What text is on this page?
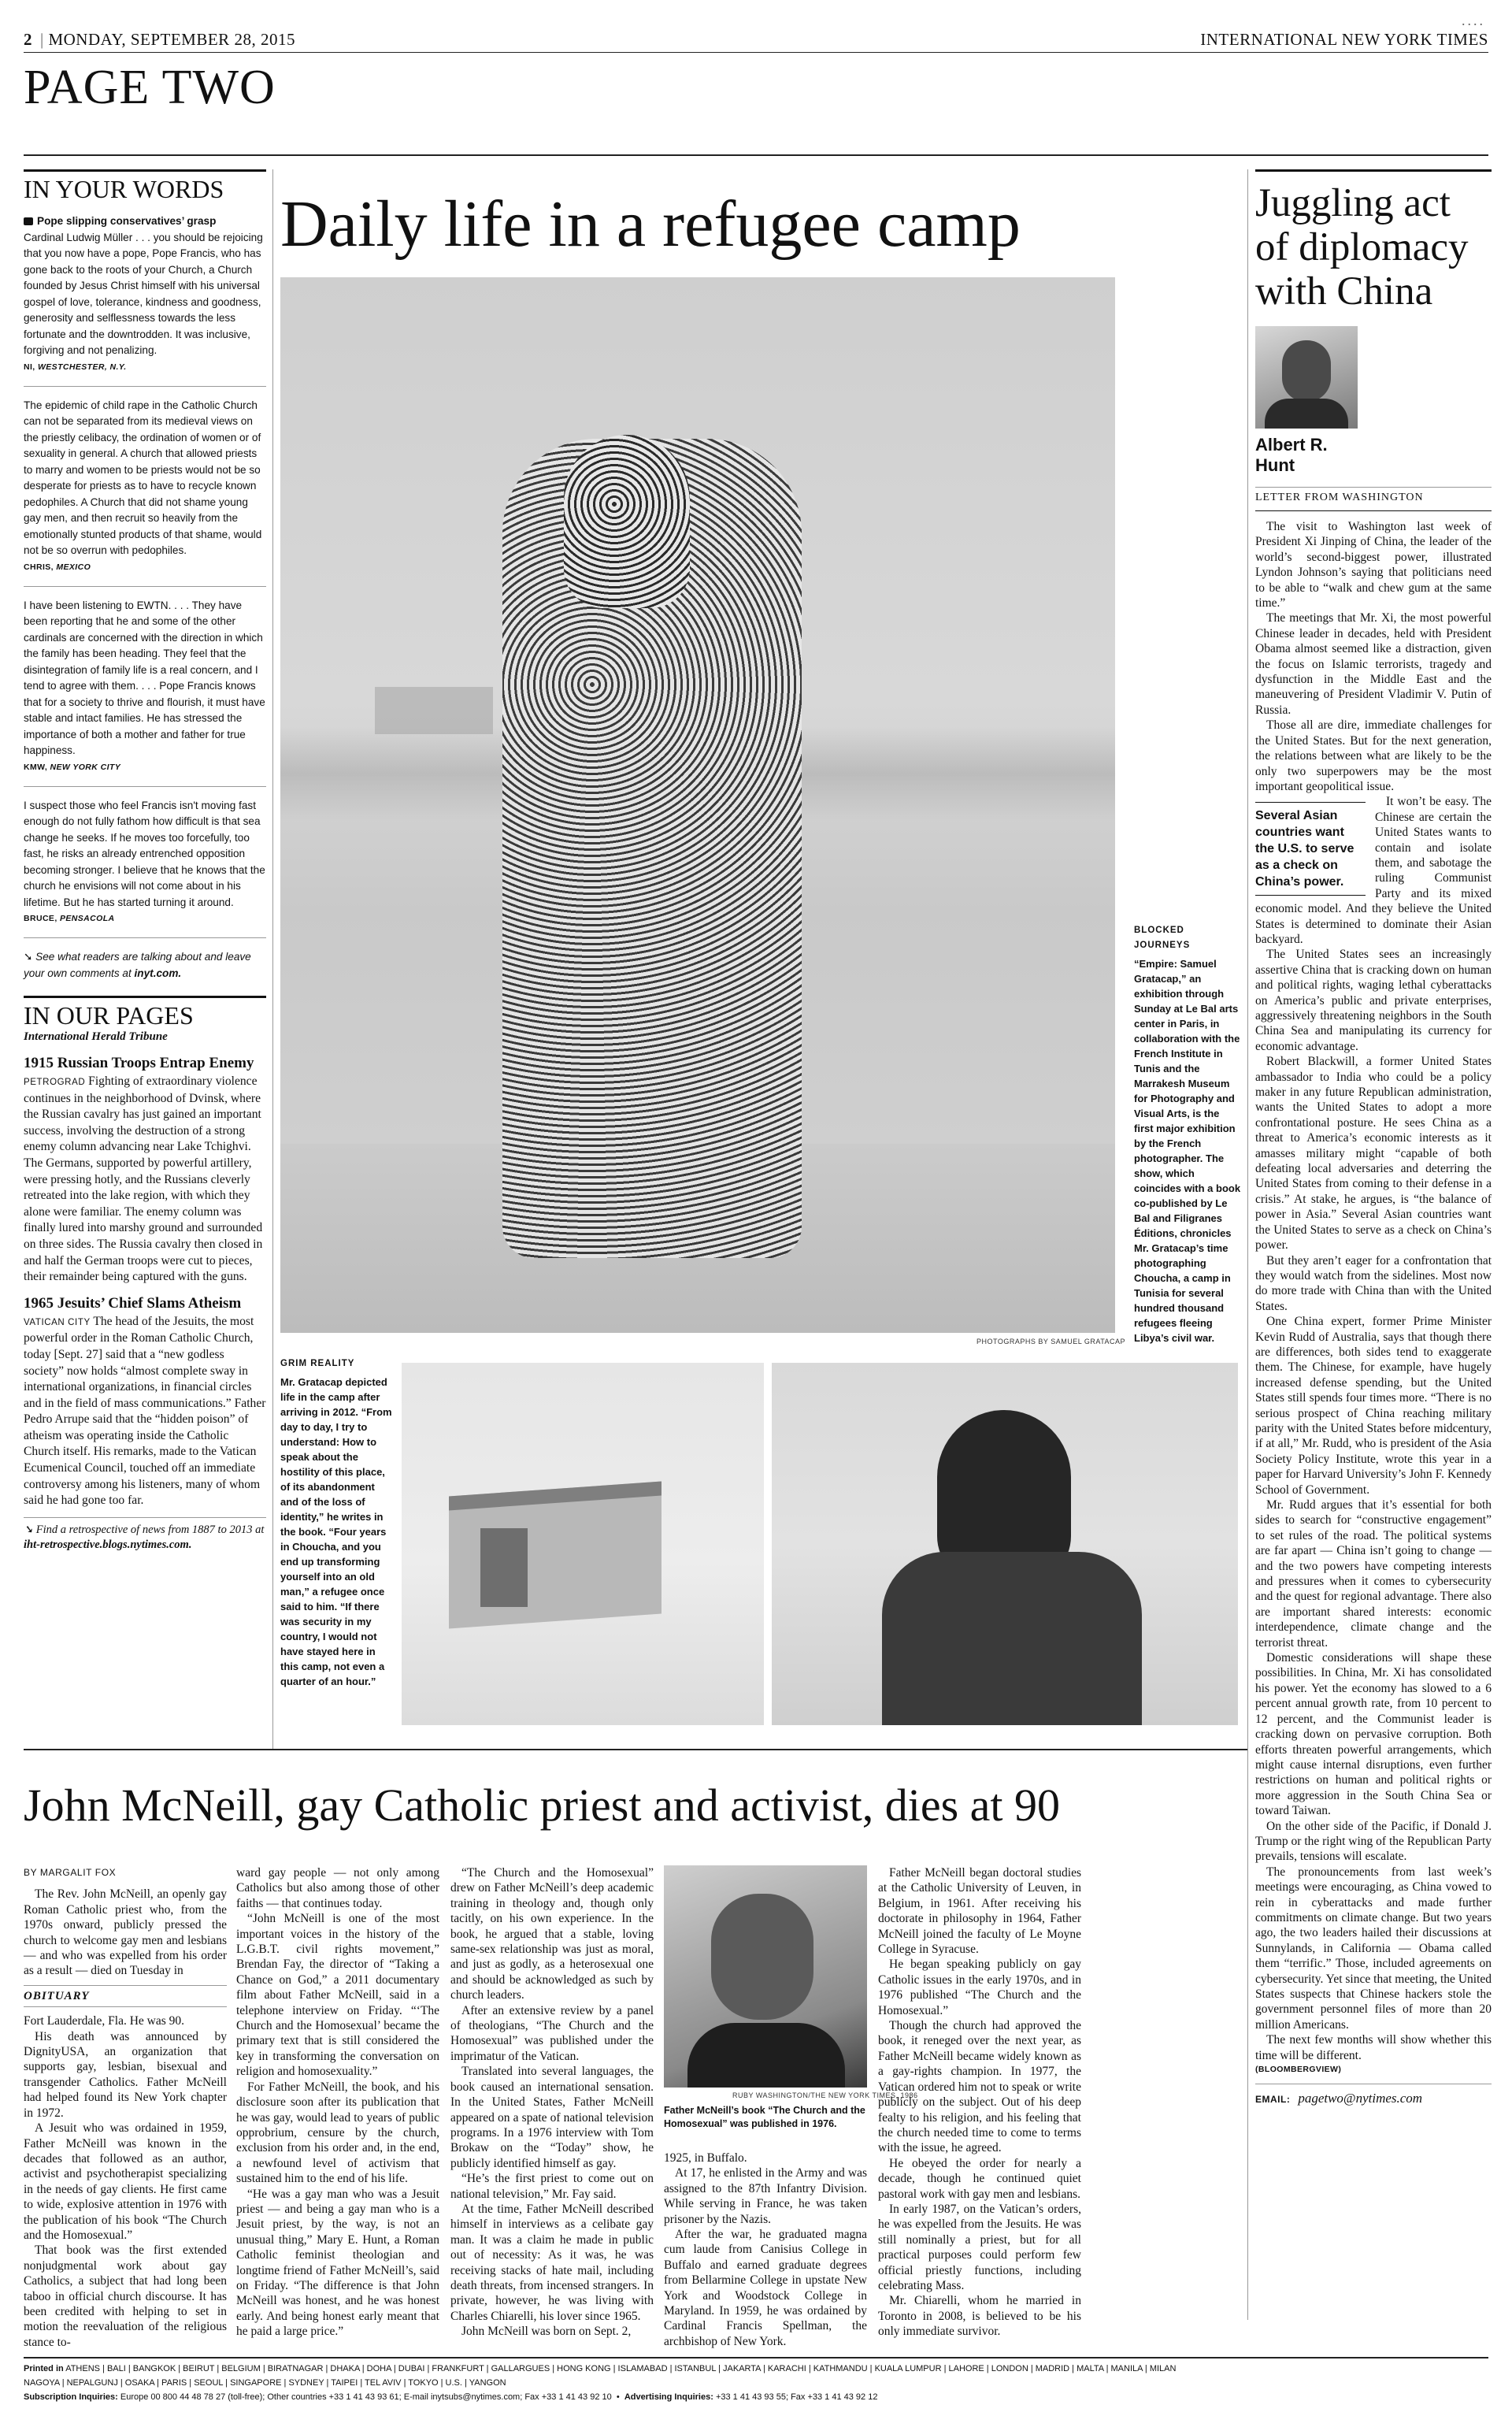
2 | MONDAY, SEPTEMBER 28, 2015
....
INTERNATIONAL NEW YORK TIMES
PAGE TWO
IN YOUR WORDS
Pope slipping conservatives’ grasp
Cardinal Ludwig Müller . . . you should be rejoicing that you now have a pope, Pope Francis, who has gone back to the roots of your Church, a Church founded by Jesus Christ himself with his universal gospel of love, tolerance, kindness and goodness, generosity and selflessness towards the less fortunate and the downtrodden. It was inclusive, forgiving and not penalizing.
NI, WESTCHESTER, N.Y.
The epidemic of child rape in the Catholic Church can not be separated from its medieval views on the priestly celibacy, the ordination of women or of sexuality in general. A church that allowed priests to marry and women to be priests would not be so desperate for priests as to have to recycle known pedophiles. A Church that did not shame young gay men, and then recruit so heavily from the emotionally stunted products of that shame, would not be so overrun with pedophiles.
CHRIS, MEXICO
I have been listening to EWTN. . . . They have been reporting that he and some of the other cardinals are concerned with the direction in which the family has been heading. They feel that the disintegration of family life is a real concern, and I tend to agree with them. . . . Pope Francis knows that for a society to thrive and flourish, it must have stable and intact families. He has stressed the importance of both a mother and father for true happiness.
KMW, NEW YORK CITY
I suspect those who feel Francis isn't moving fast enough do not fully fathom how difficult is that sea change he seeks. If he moves too forcefully, too fast, he risks an already entrenched opposition becoming stronger. I believe that he knows that the church he envisions will not come about in his lifetime. But he has started turning it around.
BRUCE, PENSACOLA
➘ See what readers are talking about and leave your own comments at inyt.com.
IN OUR PAGES
International Herald Tribune
1915 Russian Troops Entrap Enemy
PETROGRAD Fighting of extraordinary violence continues in the neighborhood of Dvinsk, where the Russian cavalry has just gained an important success, involving the destruction of a strong enemy column advancing near Lake Tchighvi. The Germans, supported by powerful artillery, were pressing hotly, and the Russians cleverly retreated into the lake region, with which they alone were familiar. The enemy column was finally lured into marshy ground and surrounded on three sides. The Russia cavalry then closed in and half the German troops were cut to pieces, their remainder being captured with the guns.
1965 Jesuits’ Chief Slams Atheism
VATICAN CITY The head of the Jesuits, the most powerful order in the Roman Catholic Church, today [Sept. 27] said that a “new godless society” now holds “almost complete sway in international organizations, in financial circles and in the field of mass communications.” Father Pedro Arrupe said that the “hidden poison” of atheism was operating inside the Catholic Church itself. His remarks, made to the Vatican Ecumenical Council, touched off an immediate controversy among his listeners, many of whom said he had gone too far.
➘ Find a retrospective of news from 1887 to 2013 at iht-retrospective.blogs.nytimes.com.
Daily life in a refugee camp
PHOTOGRAPHS BY SAMUEL GRATACAP
BLOCKED JOURNEYS
“Empire: Samuel Gratacap,” an exhibition through Sunday at Le Bal arts center in Paris, in collaboration with the French Institute in Tunis and the Marrakesh Museum for Photography and Visual Arts, is the first major exhibition by the French photographer. The show, which coincides with a book co-published by Le Bal and Filigranes Éditions, chronicles Mr. Gratacap’s time photographing Choucha, a camp in Tunisia for several hundred thousand refugees fleeing Libya’s civil war.
GRIM REALITY
Mr. Gratacap depicted life in the camp after arriving in 2012. “From day to day, I try to understand: How to speak about the hostility of this place, of its abandonment and of the loss of identity,” he writes in the book. “Four years in Choucha, and you end up transforming yourself into an old man,” a refugee once said to him. “If there was security in my country, I would not have stayed here in this camp, not even a quarter of an hour.”
Juggling act of diplomacy with China
Albert R. Hunt
LETTER FROM WASHINGTON

The visit to Washington last week of President Xi Jinping of China, the leader of the world’s second-biggest power, illustrated Lyndon Johnson’s saying that politicians need to be able to “walk and chew gum at the same time.”

The meetings that Mr. Xi, the most powerful Chinese leader in decades, held with President Obama almost seemed like a distraction, given the focus on Islamic terrorists, tragedy and dysfunction in the Middle East and the maneuvering of President Vladimir V. Putin of Russia.

Those all are dire, immediate challenges for the United States. But for the next generation, the relations between what are likely to be the only two superpowers may be the most important geopolitical issue.

Several Asian countries want the U.S. to serve as a check on China’s power.

It won’t be easy. The Chinese are certain the United States wants to contain and isolate them, and sabotage the ruling Communist Party and its mixed economic model. And they believe the United States is determined to dominate their Asian backyard.

The United States sees an increasingly assertive China that is cracking down on human and political rights, waging lethal cyberattacks on America’s public and private enterprises, aggressively threatening neighbors in the South China Sea and manipulating its currency for economic advantage.

Robert Blackwill, a former United States ambassador to India who could be a policy maker in any future Republican administration, wants the United States to adopt a more confrontational posture. He sees China as a threat to America’s economic interests as it amasses military might “capable of both defeating local adversaries and deterring the United States from coming to their defense in a crisis.” At stake, he argues, is “the balance of power in Asia.” Several Asian countries want the United States to serve as a check on China’s power.

But they aren’t eager for a confrontation that they would watch from the sidelines. Most now do more trade with China than with the United States.

One China expert, former Prime Minister Kevin Rudd of Australia, says that though there are differences, both sides tend to exaggerate them. The Chinese, for example, have hugely increased defense spending, but the United States still spends four times more. “There is no serious prospect of China reaching military parity with the United States before midcentury, if at all,” Mr. Rudd, who is president of the Asia Society Policy Institute, wrote this year in a paper for Harvard University’s John F. Kennedy School of Government.

Mr. Rudd argues that it’s essential for both sides to search for “constructive engagement” to set rules of the road. The political systems are far apart — China isn’t going to change — and the two powers have competing interests and pressures when it comes to cybersecurity and the quest for regional advantage. There also are important shared interests: economic interdependence, climate change and the terrorist threat.

Domestic considerations will shape these possibilities. In China, Mr. Xi has consolidated his power. Yet the economy has slowed to a 6 percent annual growth rate, from 10 percent to 12 percent, and the Communist leader is cracking down on pervasive corruption. Both efforts threaten powerful arrangements, which might cause internal disruptions, even further restrictions on human and political rights or more aggression in the South China Sea or toward Taiwan.

On the other side of the Pacific, if Donald J. Trump or the right wing of the Republican Party prevails, tensions will escalate.

The pronouncements from last week’s meetings were encouraging, as China vowed to rein in cyberattacks and made further commitments on climate change. But two years ago, the two leaders hailed their discussions at Sunnylands, in California — Obama called them “terrific.” Those, included agreements on cybersecurity. Yet since that meeting, the United States suspects that Chinese hackers stole the government personnel files of more than 20 million Americans.

The next few months will show whether this time will be different.

(BLOOMBERGVIEW)
EMAIL: pagetwo@nytimes.com
John McNeill, gay Catholic priest and activist, dies at 90
BY MARGALIT FOX

The Rev. John McNeill, an openly gay Roman Catholic priest who, from the 1970s onward, publicly pressed the church to welcome gay men and lesbians — and who was expelled from his order as a result — died on Tuesday in

OBITUARY

Fort Lauderdale, Fla. He was 90.

His death was announced by DignityUSA, an organization that supports gay, lesbian, bisexual and transgender Catholics. Father McNeill had helped found its New York chapter in 1972.

A Jesuit who was ordained in 1959, Father McNeill was known in the decades that followed as an author, activist and psychotherapist specializing in the needs of gay clients. He first came to wide, explosive attention in 1976 with the publication of his book “The Church and the Homosexual.”

That book was the first extended nonjudgmental work about gay Catholics, a subject that had long been taboo in official church discourse. It has been credited with helping to set in motion the reevaluation of the religious stance to-

ward gay people — not only among Catholics but also among those of other faiths — that continues today.

“John McNeill is one of the most important voices in the history of the L.G.B.T. civil rights movement,” Brendan Fay, the director of “Taking a Chance on God,” a 2011 documentary film about Father McNeill, said in a telephone interview on Friday. “‘The Church and the Homosexual’ became the primary text that is still considered the key in transforming the conversation on religion and homosexuality.”

For Father McNeill, the book, and his disclosure soon after its publication that he was gay, would lead to years of public opprobrium, censure by the church, exclusion from his order and, in the end, a newfound level of activism that sustained him to the end of his life.

“He was a gay man who was a Jesuit priest — and being a gay man who is a Jesuit priest, by the way, is not an unusual thing,” Mary E. Hunt, a Roman Catholic feminist theologian and longtime friend of Father McNeill’s, said on Friday. “The difference is that John McNeill was honest, and he was honest early. And being honest early meant that he paid a large price.”

“The Church and the Homosexual” drew on Father McNeill’s deep academic training in theology and, though only tacitly, on his own experience. In the book, he argued that a stable, loving same-sex relationship was just as moral, and just as godly, as a heterosexual one and should be acknowledged as such by church leaders.

After an extensive review by a panel of theologians, “The Church and the Homosexual” was published under the imprimatur of the Vatican.

Translated into several languages, the book caused an international sensation. In the United States, Father McNeill appeared on a spate of national television programs. In a 1976 interview with Tom Brokaw on the “Today” show, he publicly identified himself as gay.

“He’s the first priest to come out on national television,” Mr. Fay said.

At the time, Father McNeill described himself in interviews as a celibate gay man. It was a claim he made in public out of necessity: As it was, he was receiving stacks of hate mail, including death threats, from incensed strangers. In private, however, he was living with Charles Chiarelli, his lover since 1965.

John McNeill was born on Sept. 2,

RUBY WASHINGTON/THE NEW YORK TIMES, 1986
Father McNeill’s book “The Church and the Homosexual” was published in 1976.

1925, in Buffalo.

At 17, he enlisted in the Army and was assigned to the 87th Infantry Division. While serving in France, he was taken prisoner by the Nazis.

After the war, he graduated magna cum laude from Canisius College in Buffalo and earned graduate degrees from Bellarmine College in upstate New York and Woodstock College in Maryland. In 1959, he was ordained by Cardinal Francis Spellman, the archbishop of New York.

Father McNeill began doctoral studies at the Catholic University of Leuven, in Belgium, in 1961. After receiving his doctorate in philosophy in 1964, Father McNeill joined the faculty of Le Moyne College in Syracuse.

He began speaking publicly on gay Catholic issues in the early 1970s, and in 1976 published “The Church and the Homosexual.”

Though the church had approved the book, it reneged over the next year, as Father McNeill became widely known as a gay-rights champion. In 1977, the Vatican ordered him not to speak or write publicly on the subject. Out of his deep fealty to his religion, and his feeling that the church needed time to come to terms with the issue, he agreed.

He obeyed the order for nearly a decade, though he continued quiet pastoral work with gay men and lesbians.

In early 1987, on the Vatican’s orders, he was expelled from the Jesuits. He was still nominally a priest, but for all practical purposes could perform few official priestly functions, including celebrating Mass.

Mr. Chiarelli, whom he married in Toronto in 2008, is believed to be his only immediate survivor.

Printed in ATHENS | BALI | BANGKOK | BEIRUT | BELGIUM | BIRATNAGAR | DHAKA | DOHA | DUBAI | FRANKFURT | GALLARGUES | HONG KONG | ISLAMABAD | ISTANBUL | JAKARTA | KARACHI | KATHMANDU | KUALA LUMPUR | LAHORE | LONDON | MADRID | MALTA | MANILA | MILAN
NAGOYA | NEPALGUNJ | OSAKA | PARIS | SEOUL | SINGAPORE | SYDNEY | TAIPEI | TEL AVIV | TOKYO | U.S. | YANGON
Subscription Inquiries: Europe 00 800 44 48 78 27 (toll-free); Other countries +33 1 41 43 93 61; E-mail inytsubs@nytimes.com; Fax +33 1 41 43 92 10  •  Advertising Inquiries: +33 1 41 43 93 55; Fax +33 1 41 43 92 12
